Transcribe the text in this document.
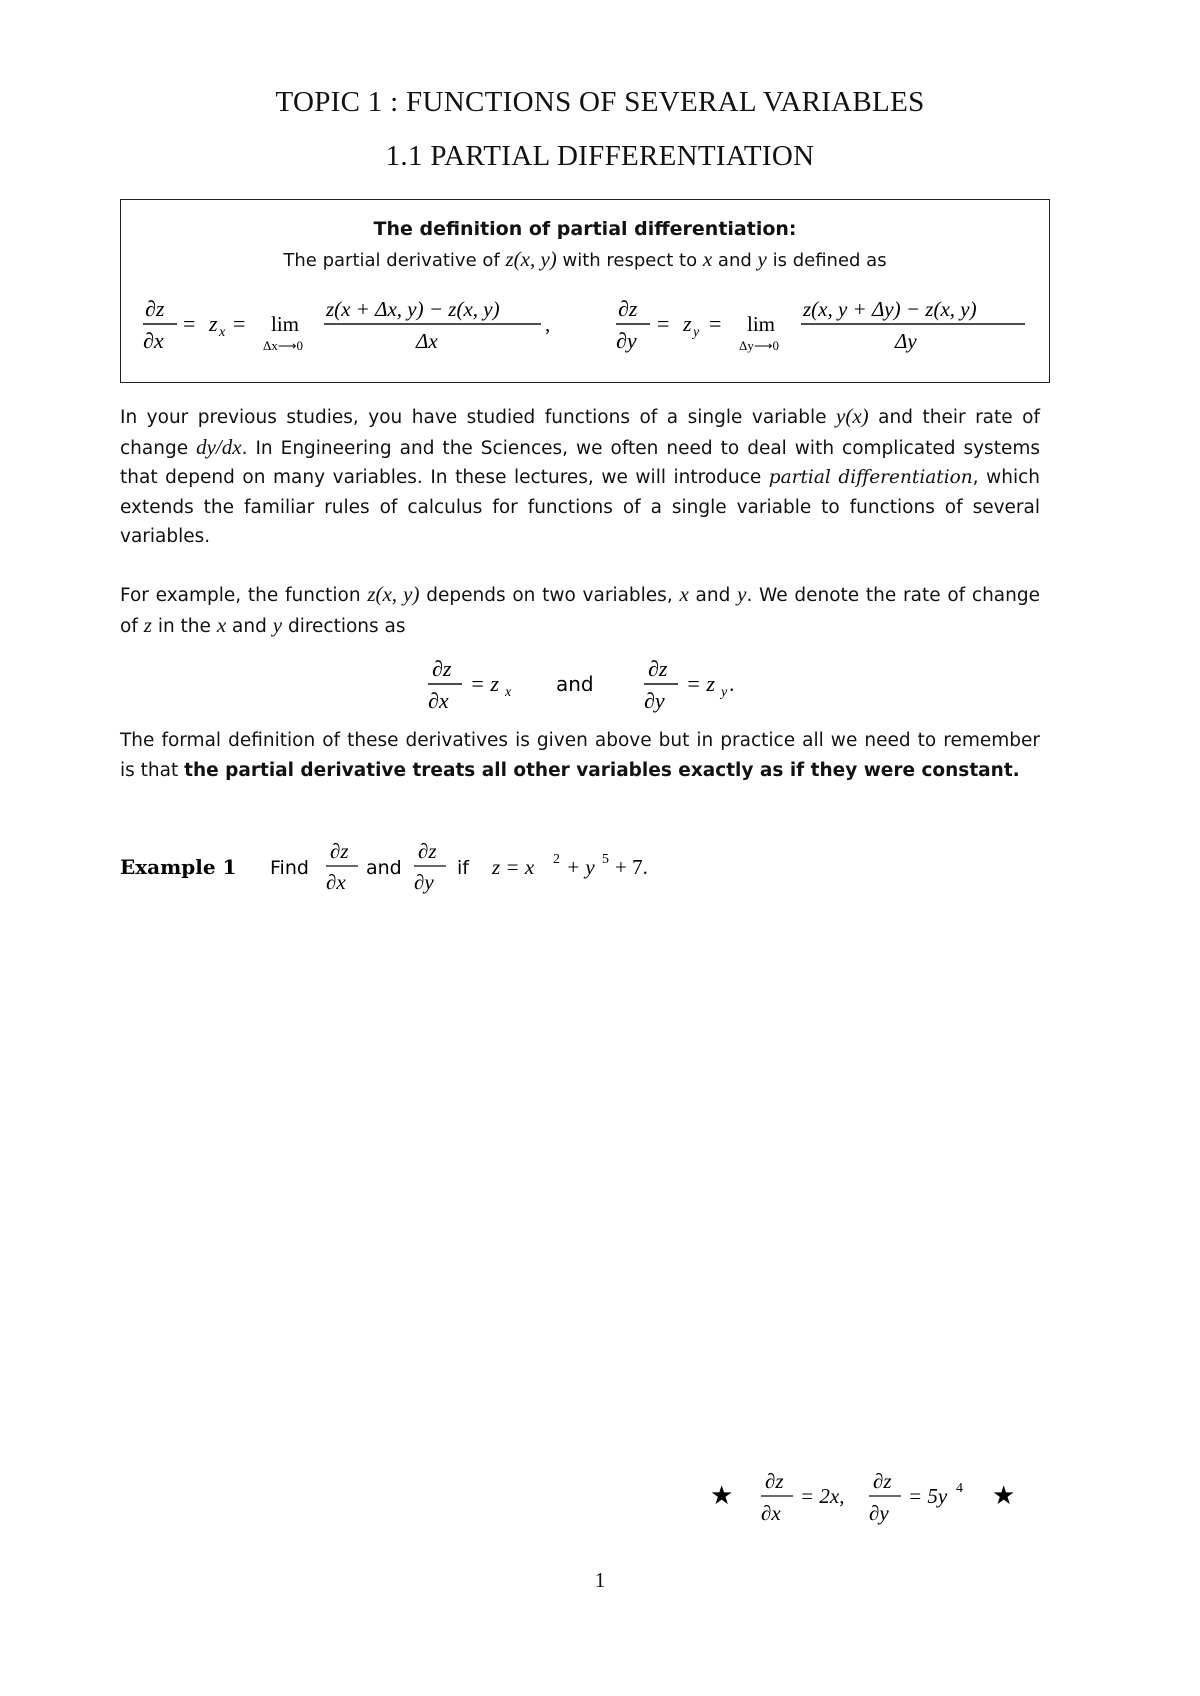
TOPIC 1 : FUNCTIONS OF SEVERAL VARIABLES
1.1 PARTIAL DIFFERENTIATION
The definition of partial differentiation:
The partial derivative of z(x, y) with respect to x and y is defined as
∂z
∂x
= z x = lim
Δx⟶0
z(x + Δx, y) − z(x, y)
Δx
,
∂z
∂y
= z y = lim
Δy⟶0
z(x, y + Δy) − z(x, y)
Δy
In your previous studies, you have studied functions of a single variable y(x) and their rate of change dy/dx. In Engineering and the Sciences, we often need to deal with complicated systems that depend on many variables. In these lectures, we will introduce partial differentiation, which extends the familiar rules of calculus for functions of a single variable to functions of several variables.
For example, the function z(x, y) depends on two variables, x and y. We denote the rate of change of z in the x and y directions as
∂z
∂x
= z x and
∂z
∂y
= z y .
The formal definition of these derivatives is given above but in practice all we need to remember is that the partial derivative treats all other variables exactly as if they were constant.
Example 1 Find
∂z
∂x
and
∂z
∂y
if z = x 2 + y 5 + 7.
★ ∂z
∂x
= 2x,
∂z
∂y
= 5y 4 ★
1
